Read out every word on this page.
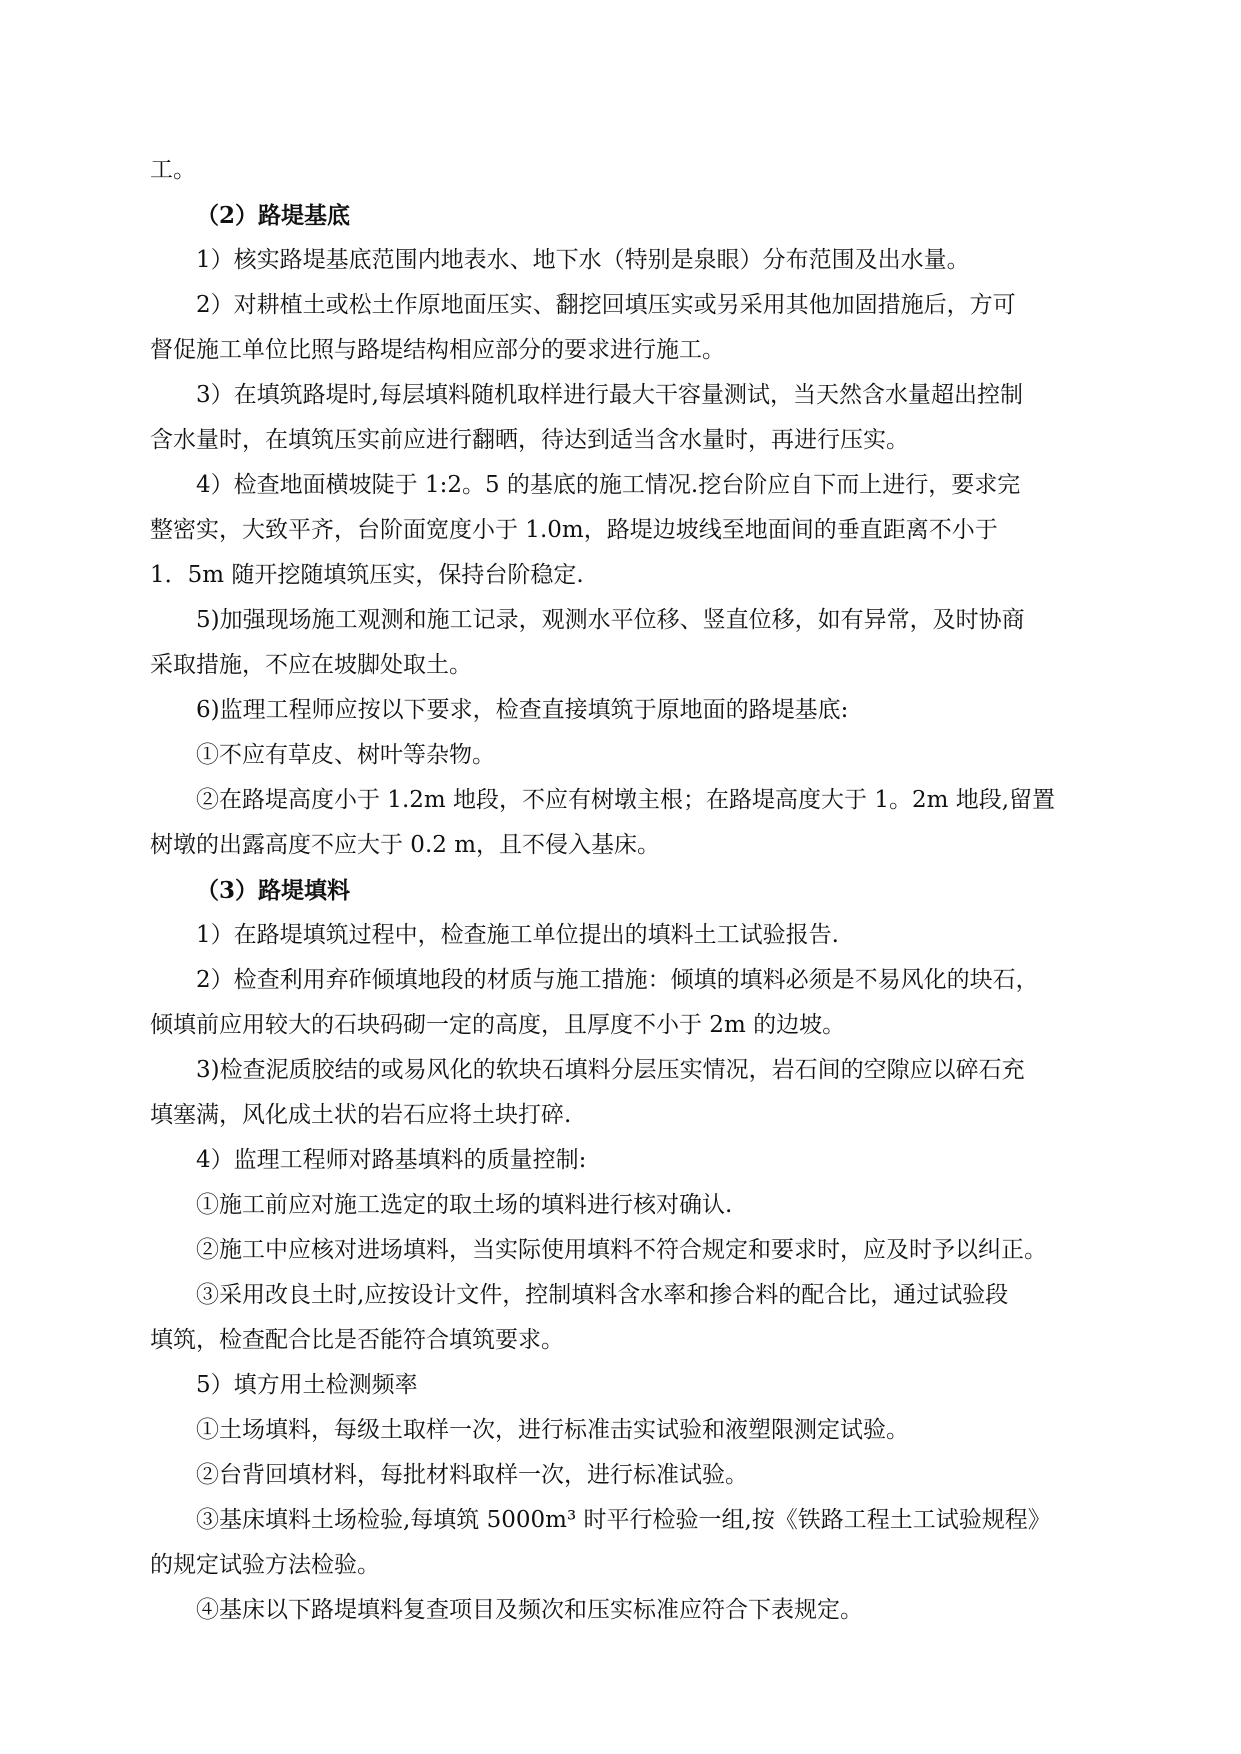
工。
（2）路堤基底
1）核实路堤基底范围内地表水、地下水（特别是泉眼）分布范围及出水量。
2）对耕植土或松土作原地面压实、翻挖回填压实或另采用其他加固措施后，方可
督促施工单位比照与路堤结构相应部分的要求进行施工。
3）在填筑路堤时,每层填料随机取样进行最大干容量测试，当天然含水量超出控制
含水量时，在填筑压实前应进行翻晒，待达到适当含水量时，再进行压实。
4）检查地面横坡陡于 1:2。5 的基底的施工情况.挖台阶应自下而上进行，要求完
整密实，大致平齐，台阶面宽度小于 1.0m，路堤边坡线至地面间的垂直距离不小于
1．5m 随开挖随填筑压实，保持台阶稳定.
5)加强现场施工观测和施工记录，观测水平位移、竖直位移，如有异常，及时协商
采取措施，不应在坡脚处取土。
6)监理工程师应按以下要求，检查直接填筑于原地面的路堤基底:
①不应有草皮、树叶等杂物。
②在路堤高度小于 1.2m 地段，不应有树墩主根；在路堤高度大于 1。2m 地段,留置
树墩的出露高度不应大于 0.2 m，且不侵入基床。
（3）路堤填料
1）在路堤填筑过程中，检查施工单位提出的填料土工试验报告.
2）检查利用弃砟倾填地段的材质与施工措施：倾填的填料必须是不易风化的块石，
倾填前应用较大的石块码砌一定的高度，且厚度不小于 2m 的边坡。
3)检查泥质胶结的或易风化的软块石填料分层压实情况，岩石间的空隙应以碎石充
填塞满，风化成土状的岩石应将土块打碎.
4）监理工程师对路基填料的质量控制:
①施工前应对施工选定的取土场的填料进行核对确认.
②施工中应核对进场填料，当实际使用填料不符合规定和要求时，应及时予以纠正。
③采用改良土时,应按设计文件，控制填料含水率和掺合料的配合比，通过试验段
填筑，检查配合比是否能符合填筑要求。
5）填方用土检测频率
①土场填料，每级土取样一次，进行标准击实试验和液塑限测定试验。
②台背回填材料，每批材料取样一次，进行标准试验。
③基床填料土场检验,每填筑 5000m³ 时平行检验一组,按《铁路工程土工试验规程》
的规定试验方法检验。
④基床以下路堤填料复查项目及频次和压实标准应符合下表规定。
